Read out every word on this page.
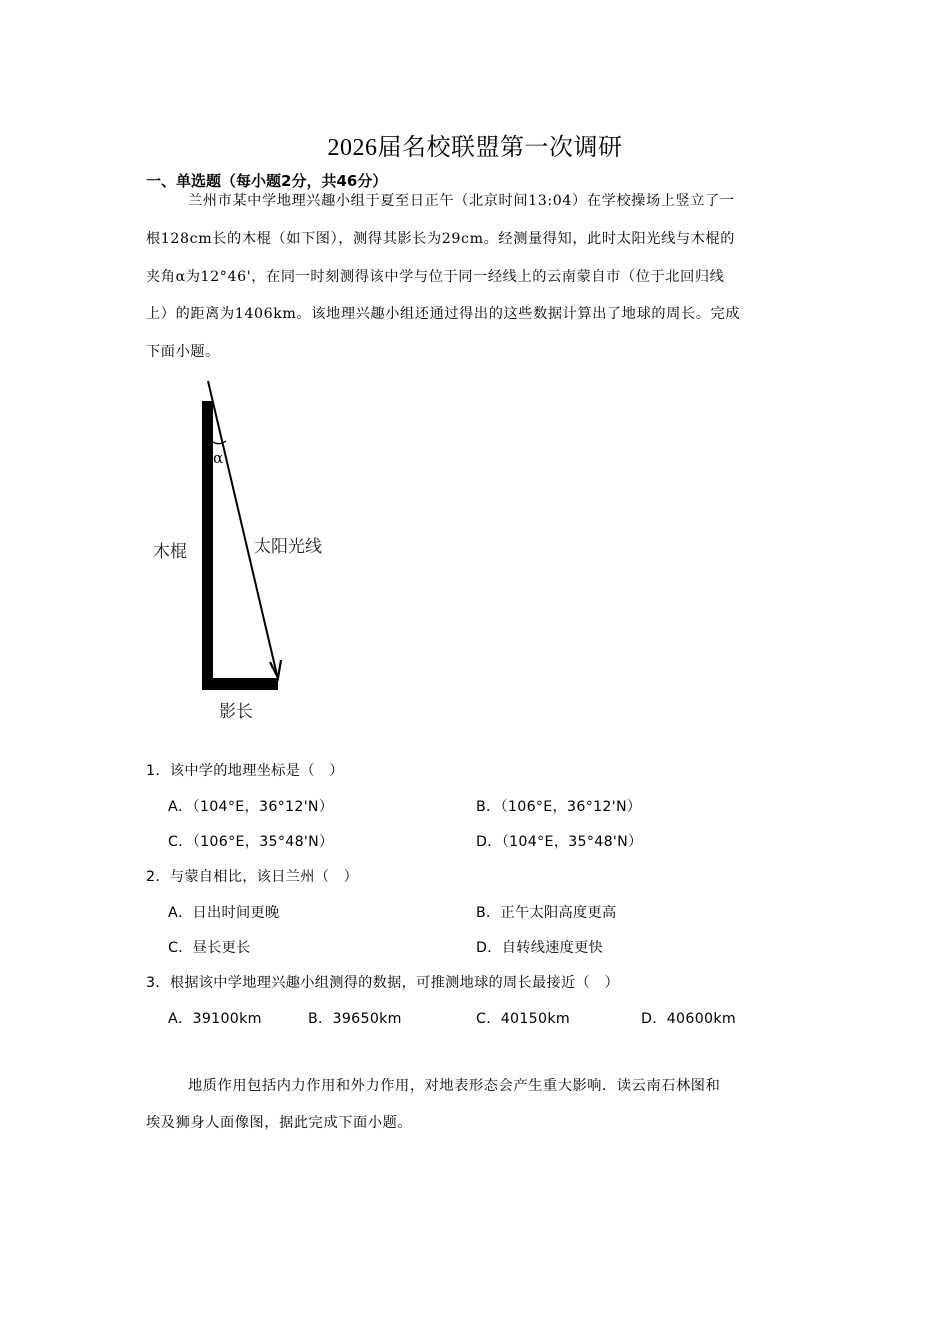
2026届名校联盟第一次调研
一、单选题（每小题2分，共46分）
兰州市某中学地理兴趣小组于夏至日正午（北京时间13:04）在学校操场上竖立了一
根128cm长的木棍（如下图），测得其影长为29cm。经测量得知，此时太阳光线与木棍的
夹角α为12°46'，在同一时刻测得该中学与位于同一经线上的云南蒙自市（位于北回归线
上）的距离为1406km。该地理兴趣小组还通过得出的这些数据计算出了地球的周长。完成
下面小题。
α
木棍	太阳光线
影长
1．该中学的地理坐标是（　）
A．（104°E，36°12'N）	B．（106°E，36°12'N）
C．（106°E，35°48'N）	D．（104°E，35°48'N）
2．与蒙自相比，该日兰州（　）
A．日出时间更晚	B．正午太阳高度更高
C．昼长更长	D．自转线速度更快
3．根据该中学地理兴趣小组测得的数据，可推测地球的周长最接近（　）
A．39100km	B．39650km	C．40150km	D．40600km
地质作用包括内力作用和外力作用，对地表形态会产生重大影响．读云南石林图和
埃及狮身人面像图，据此完成下面小题。
